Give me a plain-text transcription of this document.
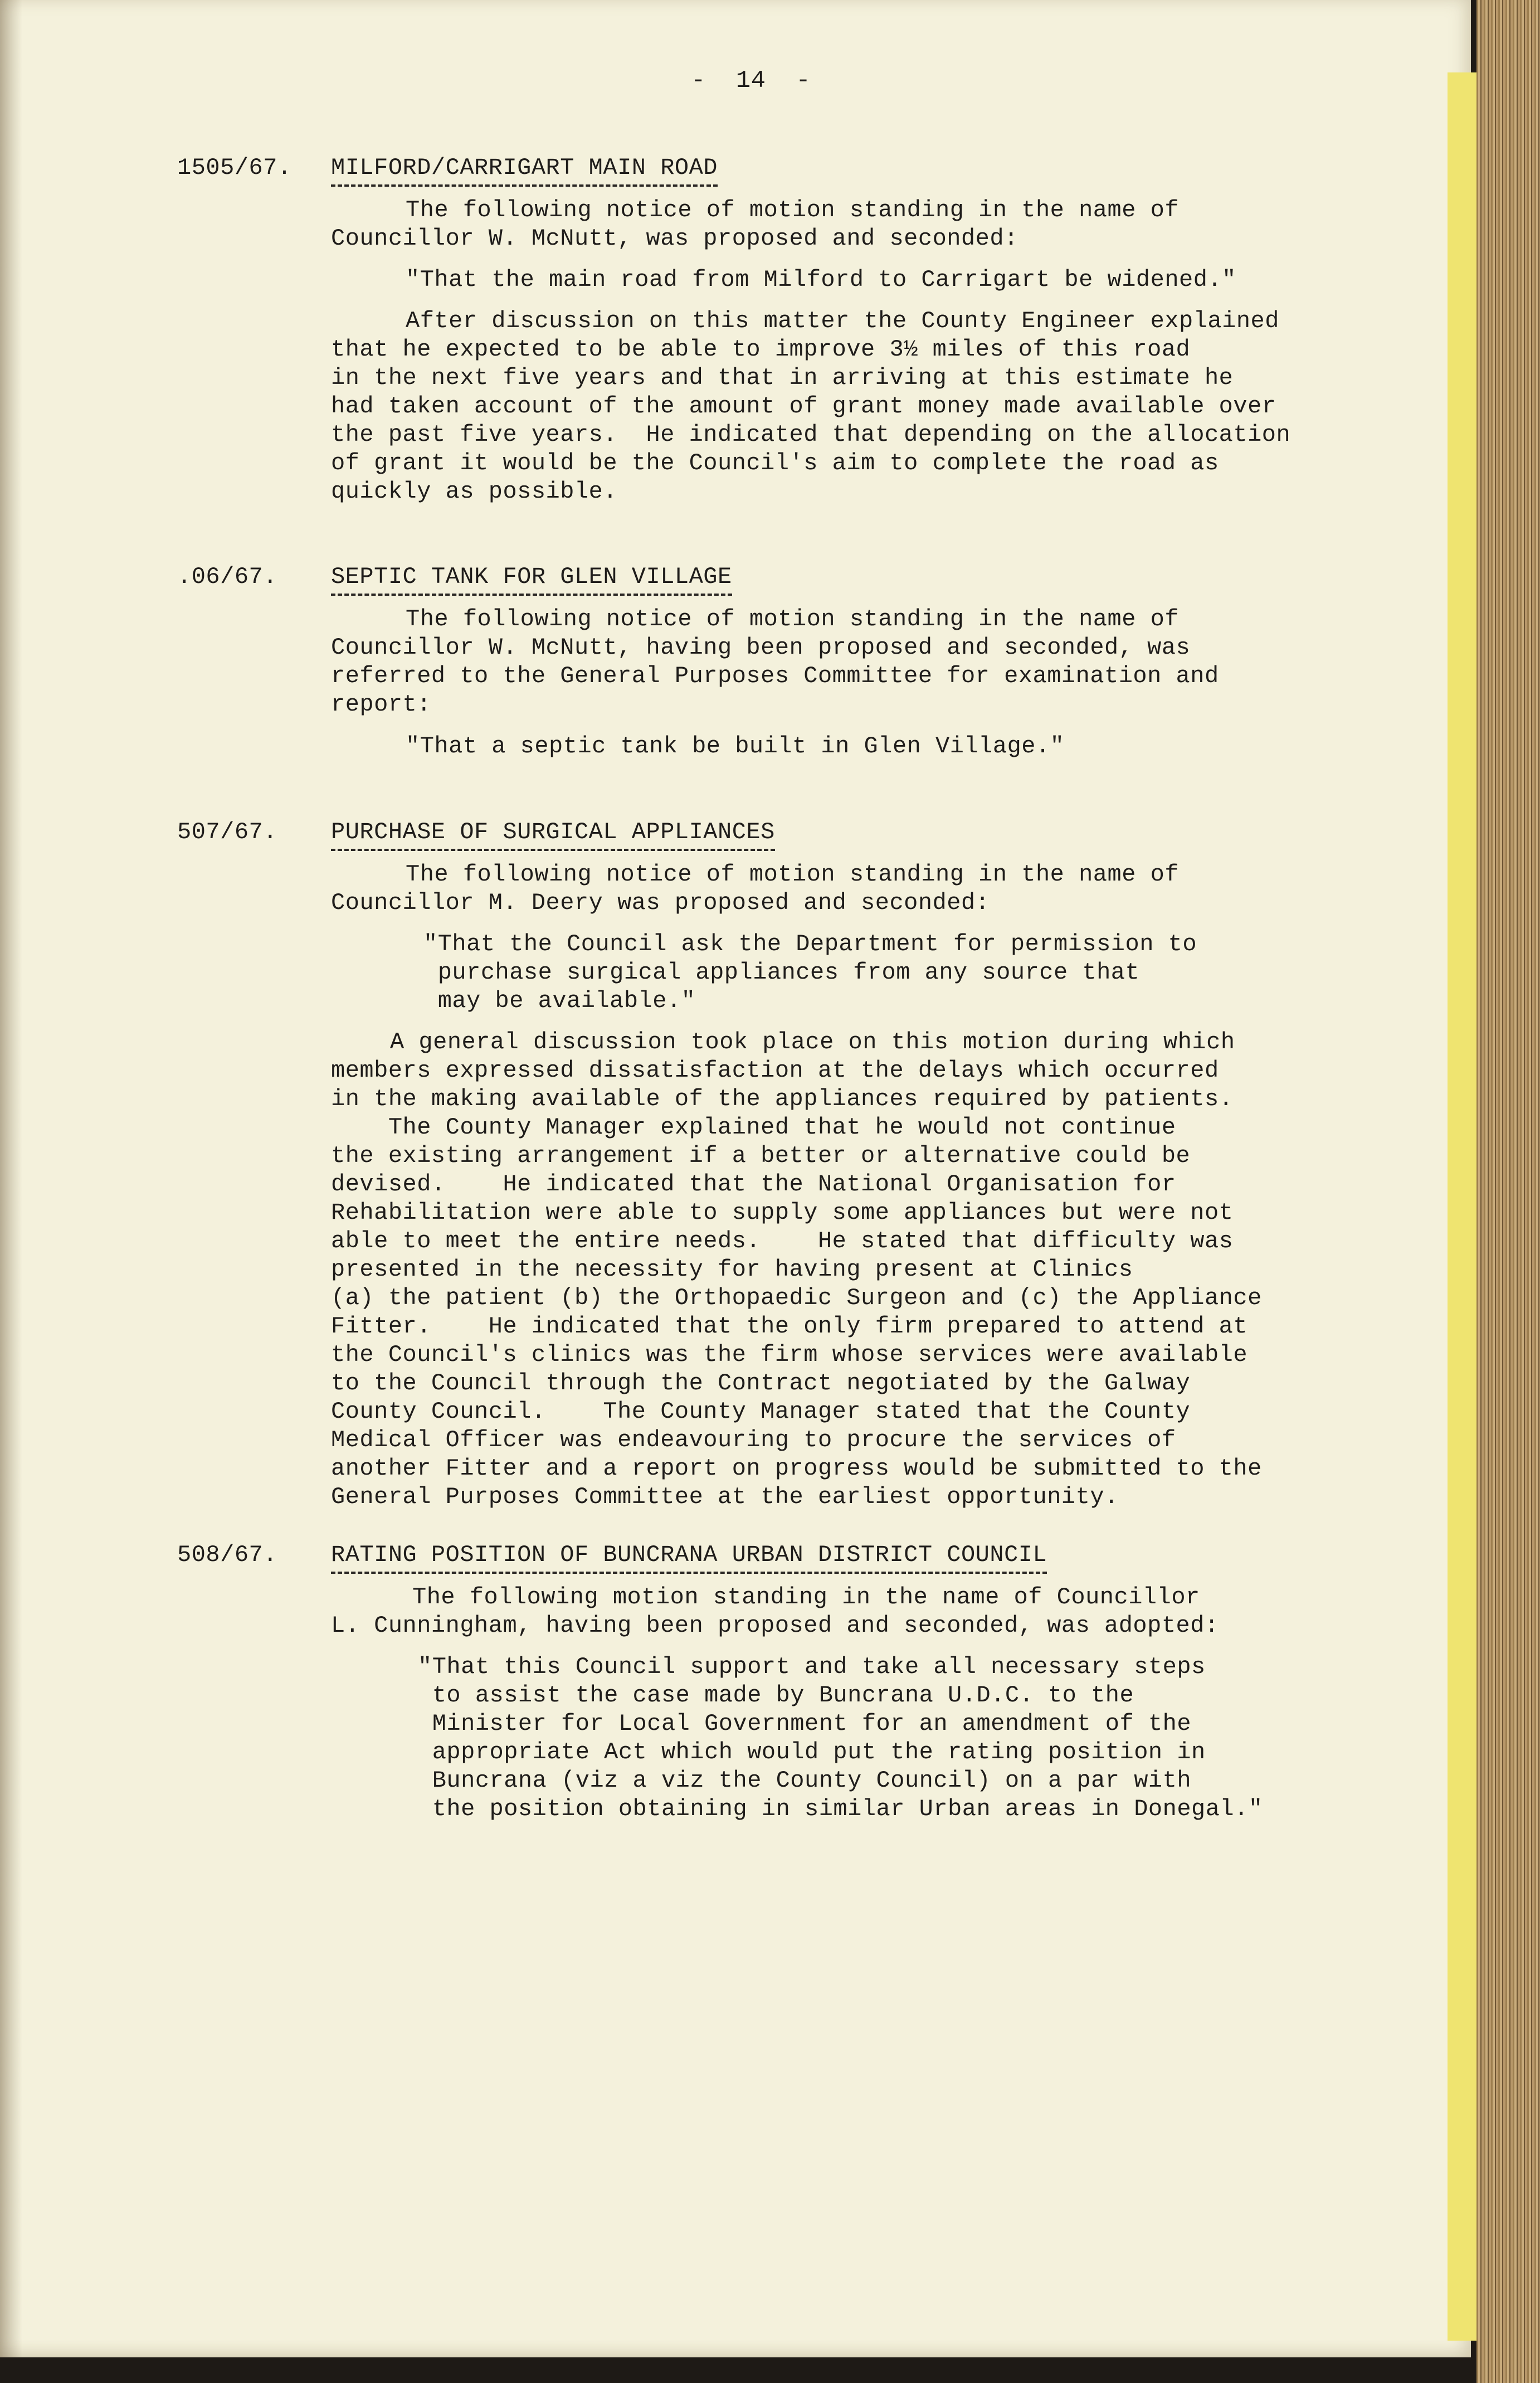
-  14  -
1505/67. MILFORD/CARRIGART MAIN ROAD
The following notice of motion standing in the name of
Councillor W. McNutt, was proposed and seconded:
"That the main road from Milford to Carrigart be widened."
After discussion on this matter the County Engineer explained
that he expected to be able to improve 3½ miles of this road
in the next five years and that in arriving at this estimate he
had taken account of the amount of grant money made available over
the past five years.  He indicated that depending on the allocation
of grant it would be the Council's aim to complete the road as
quickly as possible.
.06/67. SEPTIC TANK FOR GLEN VILLAGE
The following notice of motion standing in the name of
Councillor W. McNutt, having been proposed and seconded, was
referred to the General Purposes Committee for examination and
report:
"That a septic tank be built in Glen Village."
507/67. PURCHASE OF SURGICAL APPLIANCES
The following notice of motion standing in the name of
Councillor M. Deery was proposed and seconded:
"That the Council ask the Department for permission to
purchase surgical appliances from any source that
may be available."
A general discussion took place on this motion during which
members expressed dissatisfaction at the delays which occurred
in the making available of the appliances required by patients.
The County Manager explained that he would not continue
the existing arrangement if a better or alternative could be
devised.    He indicated that the National Organisation for
Rehabilitation were able to supply some appliances but were not
able to meet the entire needs.    He stated that difficulty was
presented in the necessity for having present at Clinics
(a) the patient (b) the Orthopaedic Surgeon and (c) the Appliance
Fitter.    He indicated that the only firm prepared to attend at
the Council's clinics was the firm whose services were available
to the Council through the Contract negotiated by the Galway
County Council.    The County Manager stated that the County
Medical Officer was endeavouring to procure the services of
another Fitter and a report on progress would be submitted to the
General Purposes Committee at the earliest opportunity.
508/67. RATING POSITION OF BUNCRANA URBAN DISTRICT COUNCIL
The following motion standing in the name of Councillor
L. Cunningham, having been proposed and seconded, was adopted:
"That this Council support and take all necessary steps
to assist the case made by Buncrana U.D.C. to the
Minister for Local Government for an amendment of the
appropriate Act which would put the rating position in
Buncrana (viz a viz the County Council) on a par with
the position obtaining in similar Urban areas in Donegal."
